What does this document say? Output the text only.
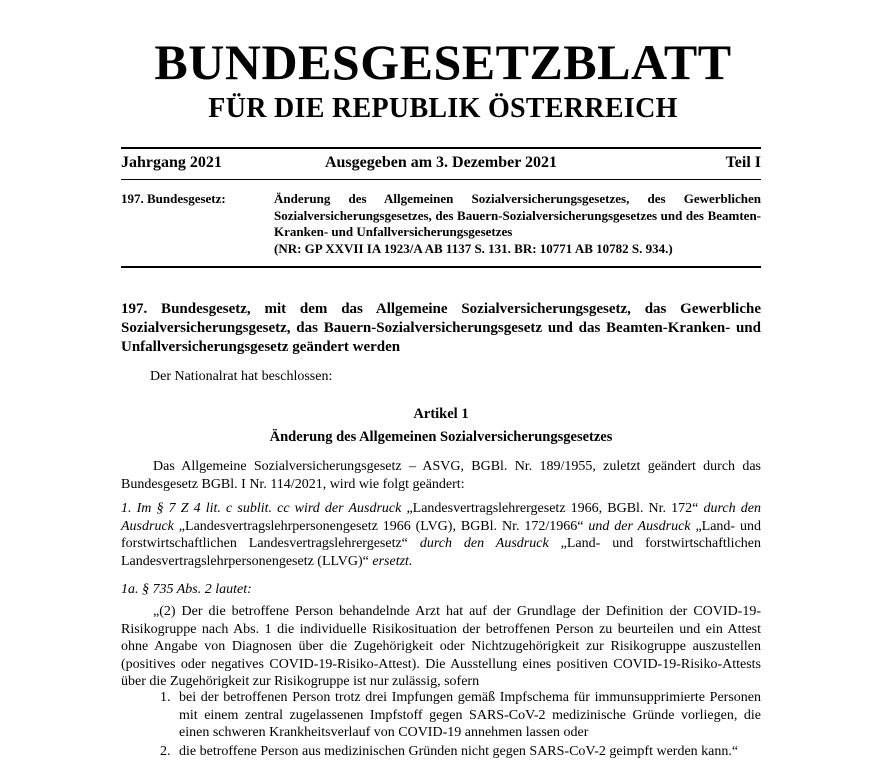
BUNDESGESETZBLATT
FÜR DIE REPUBLIK ÖSTERREICH
Jahrgang 2021	Ausgegeben am 3. Dezember 2021	Teil I
197. Bundesgesetz:	Änderung des Allgemeinen Sozialversicherungsgesetzes, des Gewerblichen Sozialversicherungsgesetzes, des Bauern-Sozialversicherungsgesetzes und des Beamten-Kranken- und Unfallversicherungsgesetzes
(NR: GP XXVII IA 1923/A AB 1137 S. 131. BR: 10771 AB 10782 S. 934.)
197. Bundesgesetz, mit dem das Allgemeine Sozialversicherungsgesetz, das Gewerbliche Sozialversicherungsgesetz, das Bauern-Sozialversicherungsgesetz und das Beamten-Kranken- und Unfallversicherungsgesetz geändert werden
Der Nationalrat hat beschlossen:
Artikel 1
Änderung des Allgemeinen Sozialversicherungsgesetzes
Das Allgemeine Sozialversicherungsgesetz – ASVG, BGBl. Nr. 189/1955, zuletzt geändert durch das Bundesgesetz BGBl. I Nr. 114/2021, wird wie folgt geändert:
1. Im § 7 Z 4 lit. c sublit. cc wird der Ausdruck „Landesvertragslehrergesetz 1966, BGBl. Nr. 172“ durch den Ausdruck „Landesvertragslehrpersonengesetz 1966 (LVG), BGBl. Nr. 172/1966“ und der Ausdruck „Land- und forstwirtschaftlichen Landesvertragslehrergesetz“ durch den Ausdruck „Land- und forstwirtschaftlichen Landesvertragslehrpersonengesetz (LLVG)“ ersetzt.
1a. § 735 Abs. 2 lautet:
„(2) Der die betroffene Person behandelnde Arzt hat auf der Grundlage der Definition der COVID-19-Risikogruppe nach Abs. 1 die individuelle Risikosituation der betroffenen Person zu beurteilen und ein Attest ohne Angabe von Diagnosen über die Zugehörigkeit oder Nichtzugehörigkeit zur Risikogruppe auszustellen (positives oder negatives COVID-19-Risiko-Attest). Die Ausstellung eines positiven COVID-19-Risiko-Attests über die Zugehörigkeit zur Risikogruppe ist nur zulässig, sofern
1. bei der betroffenen Person trotz drei Impfungen gemäß Impfschema für immunsupprimierte Personen mit einem zentral zugelassenen Impfstoff gegen SARS-CoV-2 medizinische Gründe vorliegen, die einen schweren Krankheitsverlauf von COVID-19 annehmen lassen oder
2. die betroffene Person aus medizinischen Gründen nicht gegen SARS-CoV-2 geimpft werden kann.“
